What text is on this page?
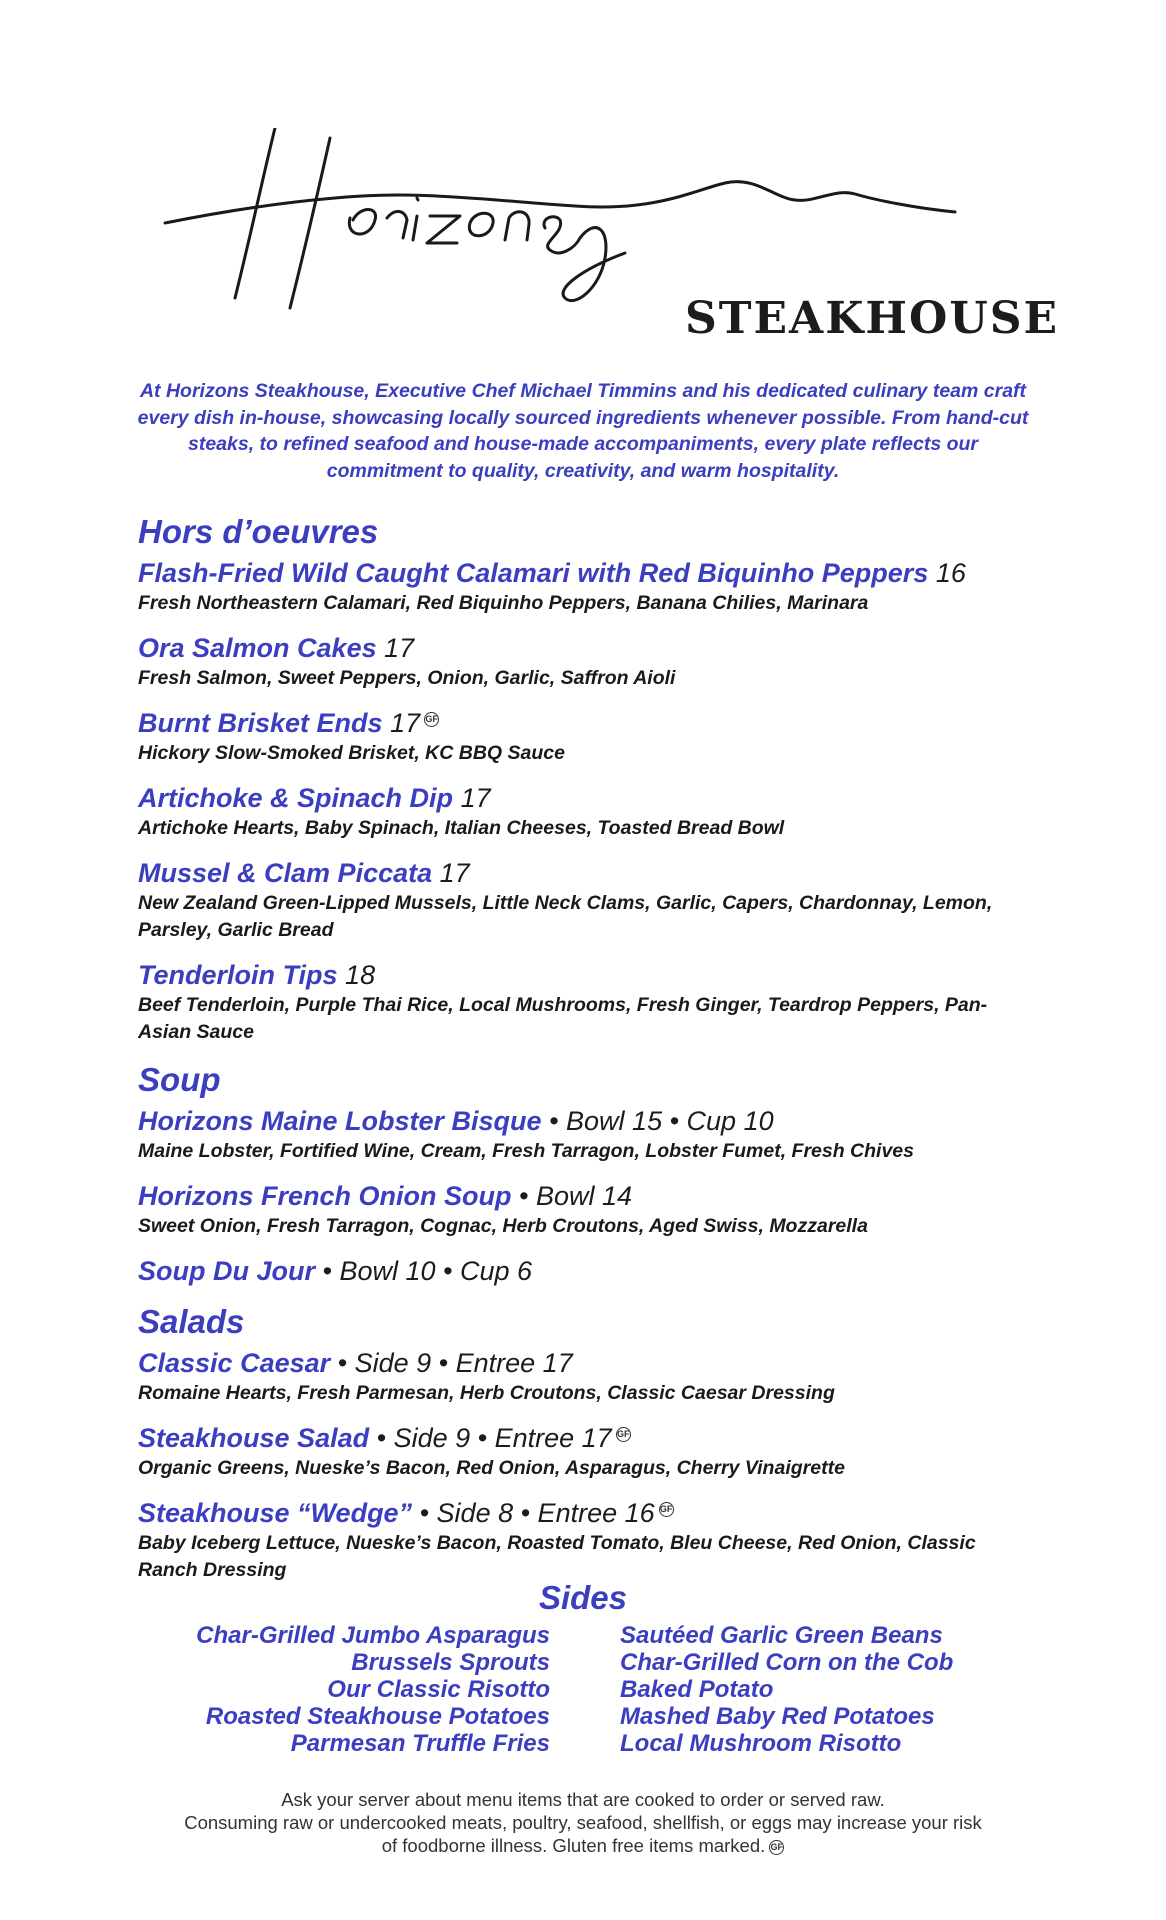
STEAKHOUSE
At Horizons Steakhouse, Executive Chef Michael Timmins and his dedicated culinary team craft every dish in-house, showcasing locally sourced ingredients whenever possible. From hand-cut steaks, to refined seafood and house-made accompaniments, every plate reflects our commitment to quality, creativity, and warm hospitality.
Hors d’oeuvres
Flash-Fried Wild Caught Calamari with Red Biquinho Peppers 16
Fresh Northeastern Calamari, Red Biquinho Peppers, Banana Chilies, Marinara
Ora Salmon Cakes 17
Fresh Salmon, Sweet Peppers, Onion, Garlic, Saffron Aioli
Burnt Brisket Ends 17 GF
Hickory Slow-Smoked Brisket, KC BBQ Sauce
Artichoke & Spinach Dip 17
Artichoke Hearts, Baby Spinach, Italian Cheeses, Toasted Bread Bowl
Mussel & Clam Piccata 17
New Zealand Green-Lipped Mussels, Little Neck Clams, Garlic, Capers, Chardonnay, Lemon, Parsley, Garlic Bread
Tenderloin Tips 18
Beef Tenderloin, Purple Thai Rice, Local Mushrooms, Fresh Ginger, Teardrop Peppers, Pan-Asian Sauce
Soup
Horizons Maine Lobster Bisque • Bowl 15 • Cup 10
Maine Lobster, Fortified Wine, Cream, Fresh Tarragon, Lobster Fumet, Fresh Chives
Horizons French Onion Soup • Bowl 14
Sweet Onion, Fresh Tarragon, Cognac, Herb Croutons, Aged Swiss, Mozzarella
Soup Du Jour • Bowl 10 • Cup 6
Salads
Classic Caesar • Side 9 • Entree 17
Romaine Hearts, Fresh Parmesan, Herb Croutons, Classic Caesar Dressing
Steakhouse Salad • Side 9 • Entree 17 GF
Organic Greens, Nueske’s Bacon, Red Onion, Asparagus, Cherry Vinaigrette
Steakhouse “Wedge” • Side 8 • Entree 16 GF
Baby Iceberg Lettuce, Nueske’s Bacon, Roasted Tomato, Bleu Cheese, Red Onion, Classic Ranch Dressing
Sides
Char-Grilled Jumbo Asparagus
Brussels Sprouts
Our Classic Risotto
Roasted Steakhouse Potatoes
Parmesan Truffle Fries
Sautéed Garlic Green Beans
Char-Grilled Corn on the Cob
Baked Potato
Mashed Baby Red Potatoes
Local Mushroom Risotto
Ask your server about menu items that are cooked to order or served raw.
Consuming raw or undercooked meats, poultry, seafood, shellfish, or eggs may increase your risk
of foodborne illness. Gluten free items marked. GF
